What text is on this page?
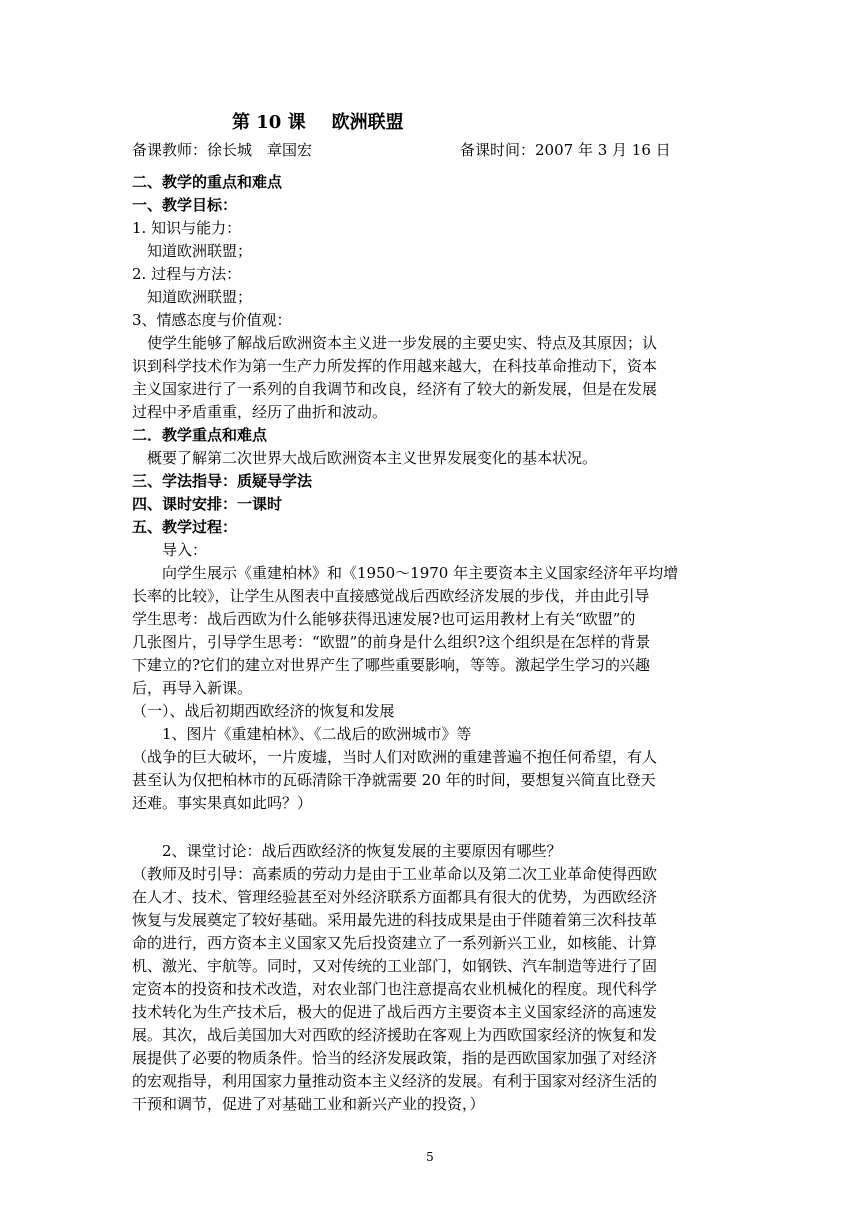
第 10 课 欧洲联盟
备课教师：徐长城　章国宏	备课时间：2007 年 3 月 16 日
二、教学的重点和难点
一、教学目标：
1. 知识与能力：
　知道欧洲联盟；
2. 过程与方法：
　知道欧洲联盟；
3、情感态度与价值观：
　使学生能够了解战后欧洲资本主义进一步发展的主要史实、特点及其原因；认
识到科学技术作为第一生产力所发挥的作用越来越大，在科技革命推动下，资本
主义国家进行了一系列的自我调节和改良，经济有了较大的新发展，但是在发展
过程中矛盾重重，经历了曲折和波动。
二．教学重点和难点
　概要了解第二次世界大战后欧洲资本主义世界发展变化的基本状况。
三、学法指导：质疑导学法
四、课时安排：一课时
五、教学过程：
　　导入：
　　向学生展示《重建柏林》和《1950～1970 年主要资本主义国家经济年平均增
长率的比较》，让学生从图表中直接感觉战后西欧经济发展的步伐，并由此引导
学生思考：战后西欧为什么能够获得迅速发展?也可运用教材上有关“欧盟”的
几张图片，引导学生思考：“欧盟”的前身是什么组织?这个组织是在怎样的背景
下建立的?它们的建立对世界产生了哪些重要影响，等等。激起学生学习的兴趣
后，再导入新课。
（一）、战后初期西欧经济的恢复和发展
　　1、图片《重建柏林》、《二战后的欧洲城市》等
（战争的巨大破坏，一片废墟，当时人们对欧洲的重建普遍不抱任何希望，有人
甚至认为仅把柏林市的瓦砾清除干净就需要 20 年的时间，要想复兴简直比登天
还难。事实果真如此吗？）
　　2、课堂讨论：战后西欧经济的恢复发展的主要原因有哪些？
（教师及时引导：高素质的劳动力是由于工业革命以及第二次工业革命使得西欧
在人才、技术、管理经验甚至对外经济联系方面都具有很大的优势，为西欧经济
恢复与发展奠定了较好基础。采用最先进的科技成果是由于伴随着第三次科技革
命的进行，西方资本主义国家又先后投资建立了一系列新兴工业，如核能、计算
机、激光、宇航等。同时，又对传统的工业部门，如钢铁、汽车制造等进行了固
定资本的投资和技术改造，对农业部门也注意提高农业机械化的程度。现代科学
技术转化为生产技术后，极大的促进了战后西方主要资本主义国家经济的高速发
展。其次，战后美国加大对西欧的经济援助在客观上为西欧国家经济的恢复和发
展提供了必要的物质条件。恰当的经济发展政策，指的是西欧国家加强了对经济
的宏观指导，利用国家力量推动资本主义经济的发展。有利于国家对经济生活的
干预和调节，促进了对基础工业和新兴产业的投资，）
5
